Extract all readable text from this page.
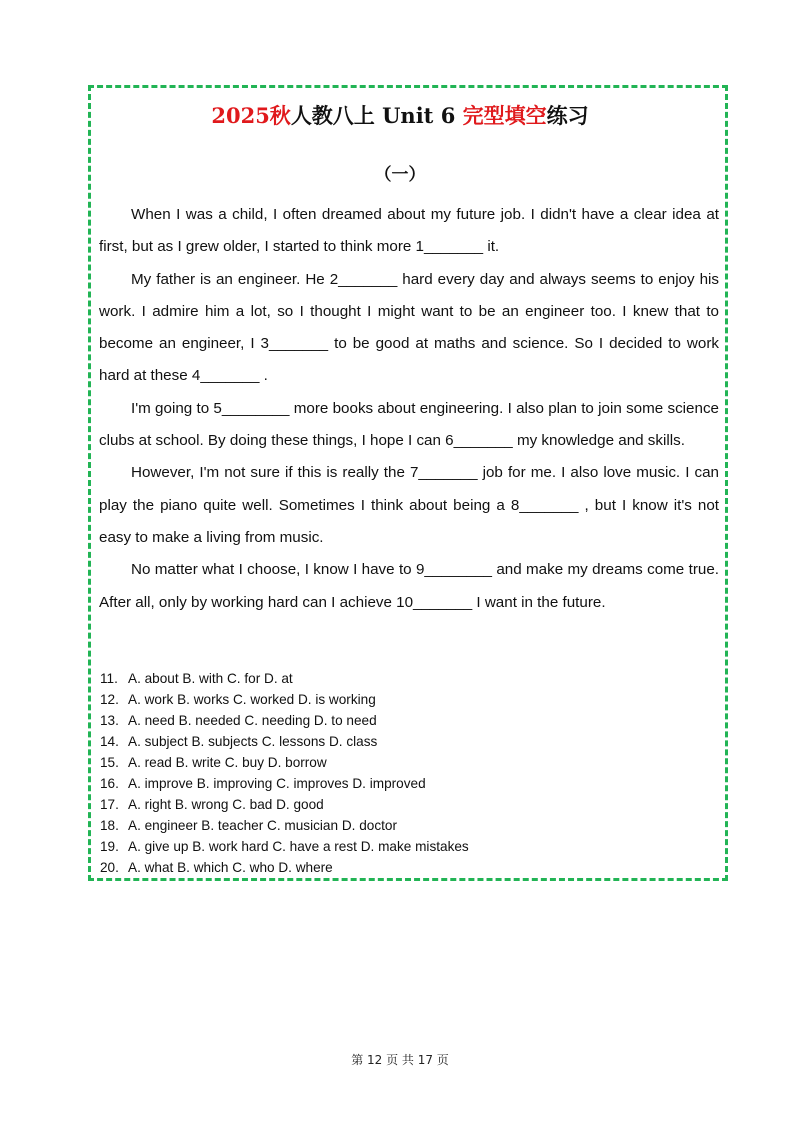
2025秋人教八上 Unit 6 完型填空练习
（一）

When I was a child, I often dreamed about my future job. I didn't have a clear idea at first, but as I grew older, I started to think more 1_______ it.

My father is an engineer. He 2_______ hard every day and always seems to enjoy his work. I admire him a lot, so I thought I might want to be an engineer too. I knew that to become an engineer, I 3_______ to be good at maths and science. So I decided to work hard at these 4_______ .

I'm going to 5________ more books about engineering. I also plan to join some science clubs at school. By doing these things, I hope I can 6_______ my knowledge and skills.

However, I'm not sure if this is really the 7_______ job for me. I also love music. I can play the piano quite well. Sometimes I think about being a 8_______ , but I know it's not easy to make a living from music.

No matter what I choose, I know I have to 9________ and make my dreams come true. After all, only by working hard can I achieve 10_______ I want in the future.

11. A. about B. with C. for D. at
12. A. work B. works C. worked D. is working
13. A. need B. needed C. needing D. to need
14. A. subject B. subjects C. lessons D. class
15. A. read B. write C. buy D. borrow
16. A. improve B. improving C. improves D. improved
17. A. right B. wrong C. bad D. good
18. A. engineer B. teacher C. musician D. doctor
19. A. give up B. work hard C. have a rest D. make mistakes
20. A. what B. which C. who D. where
第 12 页 共 17 页
